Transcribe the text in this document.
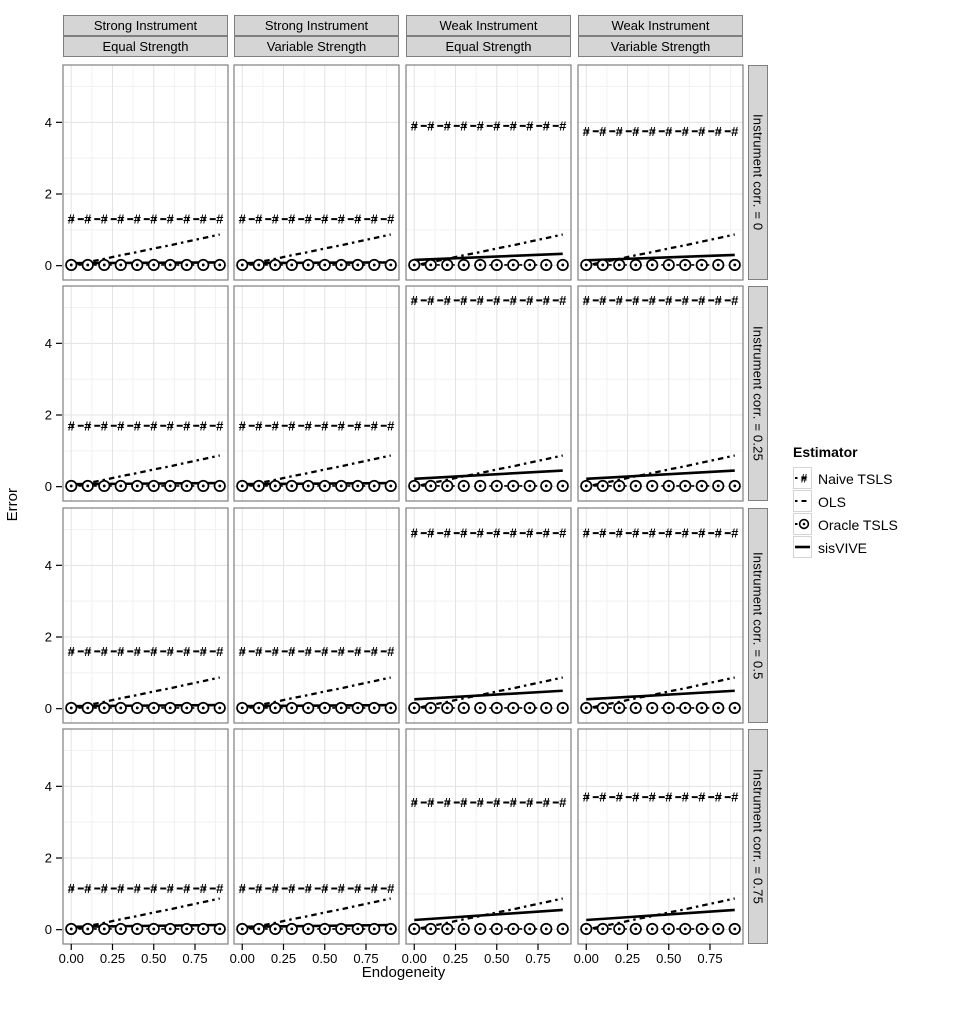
# # # # # # # # # # # # # # # # # # # #
# # # # # # # # # # # # # # # # # # # #
# # # # # # # # # # # # # # # # # # # #
# # # # # # # # # # # # # # # # # # # #
# # # # # # # # # # # # # # # # # # # #
# # # # # # # # # # # # # # # # # # # #
# # # # # # # # # # # # # # # # # # # #
# # # # # # # # # # # # # # # # # # # #
0
2
4
0
2
4
0
2
4
0
2
4
0.00 0.25 0.50 0.75 0.00 0.25 0.50 0.75 0.00 0.25 0.50 0.75 0.00 0.25 0.50 0.75
Strong Instrument
Equal Strength
Strong Instrument
Variable Strength
Weak Instrument
Equal Strength
Weak Instrument
Variable Strength
Instrument corr. = 0
Instrument corr. = 0.25
Instrument corr. = 0.5
Instrument corr. = 0.75
Error
Endogeneity
Estimator
# Naive TSLS
OLS
Oracle TSLS
sisVIVE
